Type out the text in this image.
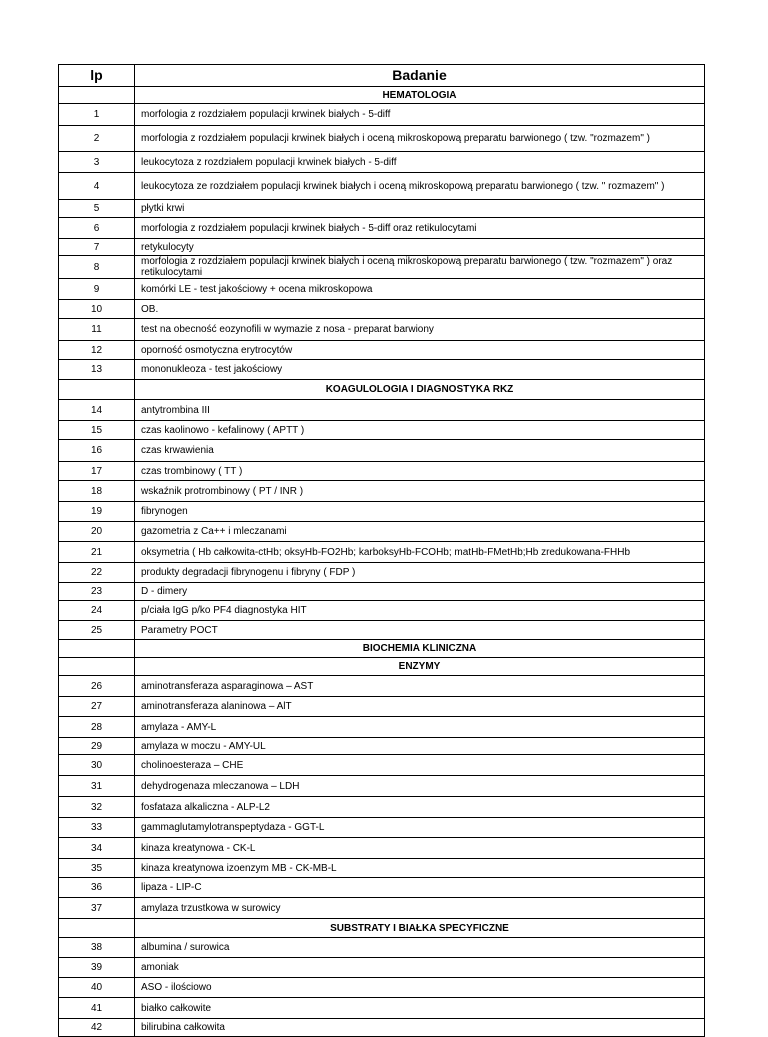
lp	Badanie
	HEMATOLOGIA
1	morfologia z rozdziałem populacji krwinek białych - 5-diff
2	morfologia z rozdziałem populacji krwinek białych i oceną mikroskopową preparatu barwionego ( tzw. "rozmazem" )
3	leukocytoza z rozdziałem populacji krwinek białych - 5-diff
4	leukocytoza ze rozdziałem populacji krwinek białych i oceną mikroskopową preparatu barwionego ( tzw. " rozmazem" )
5	płytki krwi
6	morfologia z rozdziałem populacji krwinek białych - 5-diff oraz retikulocytami
7	retykulocyty
8	morfologia z rozdziałem populacji krwinek białych i oceną mikroskopową preparatu barwionego ( tzw. "rozmazem" ) oraz retikulocytami
9	komórki LE - test jakościowy + ocena mikroskopowa
10	OB.
11	test na obecność eozynofili w wymazie z nosa - preparat barwiony
12	oporność osmotyczna erytrocytów
13	mononukleoza - test jakościowy
	KOAGULOLOGIA I DIAGNOSTYKA RKZ
14	antytrombina III
15	czas kaolinowo - kefalinowy ( APTT )
16	czas krwawienia
17	czas trombinowy ( TT )
18	wskaźnik protrombinowy ( PT / INR )
19	fibrynogen
20	gazometria z Ca++ i mleczanami
21	oksymetria ( Hb całkowita-ctHb; oksyHb-FO2Hb; karboksyHb-FCOHb; matHb-FMetHb;Hb zredukowana-FHHb
22	produkty degradacji fibrynogenu i fibryny ( FDP )
23	D - dimery
24	p/ciała IgG p/ko PF4 diagnostyka HIT
25	Parametry POCT
	BIOCHEMIA KLINICZNA
	ENZYMY
26	aminotransferaza asparaginowa – AST
27	aminotransferaza alaninowa – AlT
28	amylaza - AMY-L
29	amylaza w moczu - AMY-UL
30	cholinoesteraza – CHE
31	dehydrogenaza mleczanowa – LDH
32	fosfataza alkaliczna - ALP-L2
33	gammaglutamylotranspeptydaza - GGT-L
34	kinaza kreatynowa - CK-L
35	kinaza kreatynowa izoenzym MB - CK-MB-L
36	lipaza - LIP-C
37	amylaza trzustkowa w surowicy
	SUBSTRATY I BIAŁKA SPECYFICZNE
38	albumina / surowica
39	amoniak
40	ASO - ilościowo
41	białko całkowite
42	bilirubina całkowita
